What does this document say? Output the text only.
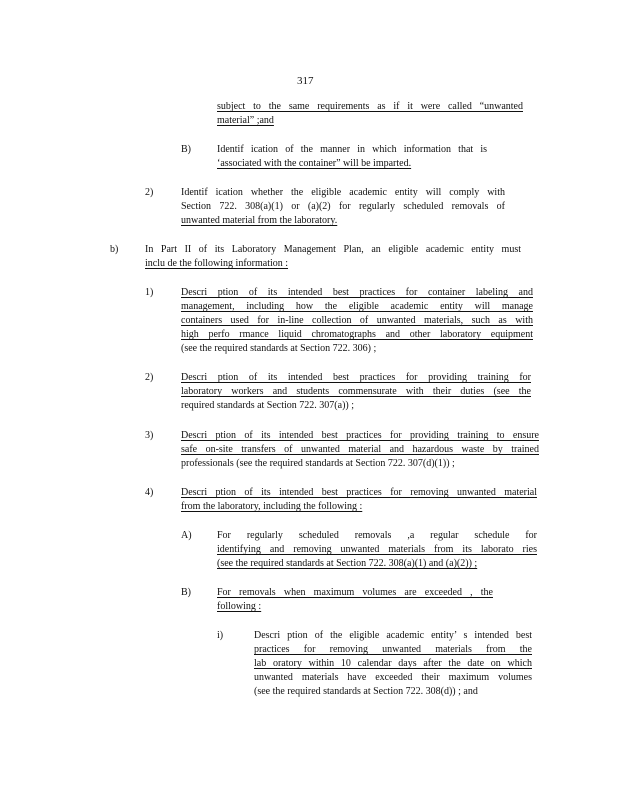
317
subject to the same requirements as if it were called “unwanted
material” ;and
B)	Identif ication of the manner in which information that is
‘associated with the container” will be imparted.
2)	Identif ication whether the eligible academic entity will comply with
Section 722. 308(a)(1) or (a)(2) for regularly scheduled removals of
unwanted material from the laboratory.
b)	In Part II of its Laboratory Management Plan, an eligible academic entity must
inclu de the following information :
1)	Descri ption of its intended best practices for container labeling and
management, including how the eligible academic entity will manage
containers used for in-line collection of unwanted materials, such as with
high perfo rmance liquid chromatographs and other laboratory equipment
(see the required standards at Section 722. 306) ;
2)	Descri ption of its intended best practices for providing training for
laboratory workers and students commensurate with their duties (see the
required standards at Section 722. 307(a)) ;
3)	Descri ption of its intended best practices for providing training to ensure
safe on-site transfers of unwanted material and hazardous waste by trained
professionals (see the required standards at Section 722. 307(d)(1)) ;
4)	Descri ption of its intended best practices for removing unwanted material
from the laboratory, including the following :
A)	For regularly scheduled removals ,a regular schedule for
identifying and removing unwanted materials from its laborato ries
(see the required standards at Section 722. 308(a)(1) and (a)(2)) ;
B)	For removals when maximum volumes are exceeded , the
following :
i)	Descri ption of the eligible academic entity’ s intended best
practices for removing unwanted materials from the
lab oratory within 10 calendar days after the date on which
unwanted materials have exceeded their maximum volumes
(see the required standards at Section 722. 308(d)) ; and
